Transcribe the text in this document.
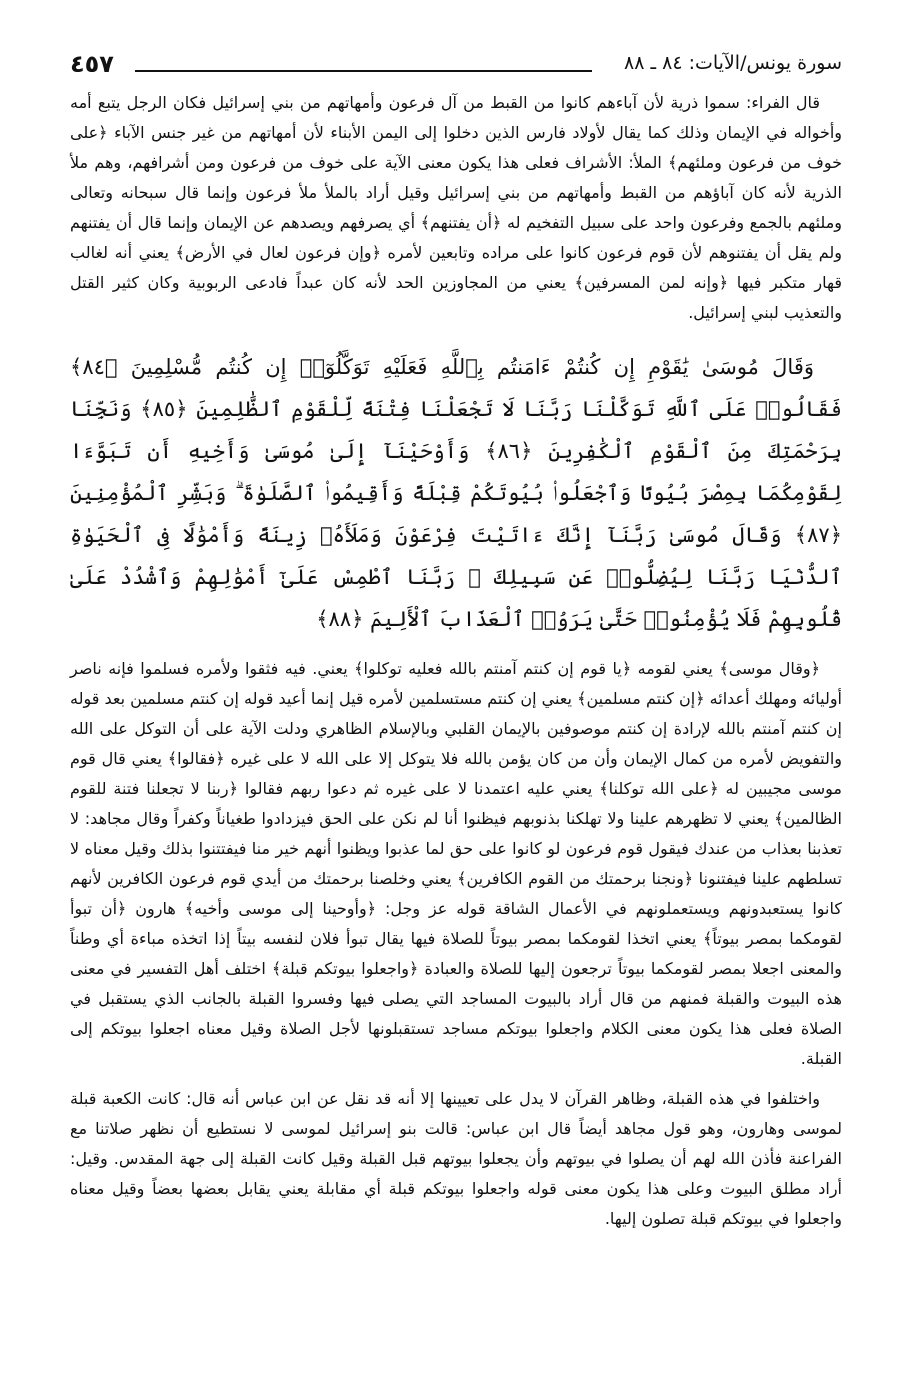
٤٥٧	سورة يونس/الآيات: ٨٤ ـ ٨٨

قال الفراء: سموا ذرية لأن آباءهم كانوا من القبط من آل فرعون وأمهاتهم من بني إسرائيل فكان الرجل يتبع أمه وأخواله في الإيمان وذلك كما يقال لأولاد فارس الذين دخلوا إلى اليمن الأبناء لأن أمهاتهم من غير جنس الآباء ﴿على خوف من فرعون وملئهم﴾ الملأ: الأشراف فعلى هذا يكون معنى الآية على خوف من فرعون ومن أشرافهم، وهم ملأ الذرية لأنه كان آباؤهم من القبط وأمهاتهم من بني إسرائيل وقيل أراد بالملأ ملأ فرعون وإنما قال سبحانه وتعالى وملئهم بالجمع وفرعون واحد على سبيل التفخيم له ﴿أن يفتنهم﴾ أي يصرفهم ويصدهم عن الإيمان وإنما قال أن يفتنهم ولم يقل أن يفتنوهم لأن قوم فرعون كانوا على مراده وتابعين لأمره ﴿وإن فرعون لعال في الأرض﴾ يعني أنه لغالب قهار متكبر فيها ﴿وإنه لمن المسرفين﴾ يعني من المجاوزين الحد لأنه كان عبداً فادعى الربوبية وكان كثير القتل والتعذيب لبني إسرائيل.

وَقَالَ مُوسَىٰ يَٰقَوْمِ إِن كُنتُمْ ءَامَنتُم بِٱللَّهِ فَعَلَيْهِ تَوَكَّلُوٓا۟ إِن كُنتُم مُّسْلِمِينَ ﴿٨٤﴾ فَقَالُوا۟ عَلَى ٱللَّهِ تَوَكَّلْنَا رَبَّنَا لَا تَجْعَلْنَا فِتْنَةً لِّلْقَوْمِ ٱلظَّٰلِمِينَ ﴿٨٥﴾ وَنَجِّنَا بِرَحْمَتِكَ مِنَ ٱلْقَوْمِ ٱلْكَٰفِرِينَ ﴿٨٦﴾ وَأَوْحَيْنَآ إِلَىٰ مُوسَىٰ وَأَخِيهِ أَن تَبَوَّءَا لِقَوْمِكُمَا بِمِصْرَ بُيُوتًا وَٱجْعَلُوا۟ بُيُوتَكُمْ قِبْلَةً وَأَقِيمُوا۟ ٱلصَّلَوٰةَ ۗ وَبَشِّرِ ٱلْمُؤْمِنِينَ ﴿٨٧﴾ وَقَالَ مُوسَىٰ رَبَّنَآ إِنَّكَ ءَاتَيْتَ فِرْعَوْنَ وَمَلَأَهُۥ زِينَةً وَأَمْوَٰلًا فِى ٱلْحَيَوٰةِ ٱلدُّنْيَا رَبَّنَا لِيُضِلُّوا۟ عَن سَبِيلِكَ ۖ رَبَّنَا ٱطْمِسْ عَلَىٰٓ أَمْوَٰلِهِمْ وَٱشْدُدْ عَلَىٰ قُلُوبِهِمْ فَلَا يُؤْمِنُوا۟ حَتَّىٰ يَرَوُا۟ ٱلْعَذَابَ ٱلْأَلِيمَ ﴿٨٨﴾

﴿وقال موسى﴾ يعني لقومه ﴿يا قوم إن كنتم آمنتم بالله فعليه توكلوا﴾ يعني. فيه فثقوا ولأمره فسلموا فإنه ناصر أوليائه ومهلك أعدائه ﴿إن كنتم مسلمين﴾ يعني إن كنتم مستسلمين لأمره قيل إنما أعيد قوله إن كنتم مسلمين بعد قوله إن كنتم آمنتم بالله لإرادة إن كنتم موصوفين بالإيمان القلبي وبالإسلام الظاهري ودلت الآية على أن التوكل على الله والتفويض لأمره من كمال الإيمان وأن من كان يؤمن بالله فلا يتوكل إلا على الله لا على غيره ﴿فقالوا﴾ يعني قال قوم موسى مجيبين له ﴿على الله توكلنا﴾ يعني عليه اعتمدنا لا على غيره ثم دعوا ربهم فقالوا ﴿ربنا لا تجعلنا فتنة للقوم الظالمين﴾ يعني لا تظهرهم علينا ولا تهلكنا بذنوبهم فيظنوا أنا لم نكن على الحق فيزدادوا طغياناً وكفراً وقال مجاهد: لا تعذبنا بعذاب من عندك فيقول قوم فرعون لو كانوا على حق لما عذبوا ويظنوا أنهم خير منا فيفتتنوا بذلك وقيل معناه لا تسلطهم علينا فيفتنونا ﴿ونجنا برحمتك من القوم الكافرين﴾ يعني وخلصنا برحمتك من أيدي قوم فرعون الكافرين لأنهم كانوا يستعبدونهم ويستعملونهم في الأعمال الشاقة قوله عز وجل: ﴿وأوحينا إلى موسى وأخيه﴾ هارون ﴿أن تبوأ لقومكما بمصر بيوتاً﴾ يعني اتخذا لقومكما بمصر بيوتاً للصلاة فيها يقال تبوأ فلان لنفسه بيتاً إذا اتخذه مباءة أي وطناً والمعنى اجعلا بمصر لقومكما بيوتاً ترجعون إليها للصلاة والعبادة ﴿واجعلوا بيوتكم قبلة﴾ اختلف أهل التفسير في معنى هذه البيوت والقبلة فمنهم من قال أراد بالبيوت المساجد التي يصلى فيها وفسروا القبلة بالجانب الذي يستقبل في الصلاة فعلى هذا يكون معنى الكلام واجعلوا بيوتكم مساجد تستقبلونها لأجل الصلاة وقيل معناه اجعلوا بيوتكم إلى القبلة.

واختلفوا في هذه القبلة، وظاهر القرآن لا يدل على تعيينها إلا أنه قد نقل عن ابن عباس أنه قال: كانت الكعبة قبلة لموسى وهارون، وهو قول مجاهد أيضاً قال ابن عباس: قالت بنو إسرائيل لموسى لا نستطيع أن نظهر صلاتنا مع الفراعنة فأذن الله لهم أن يصلوا في بيوتهم وأن يجعلوا بيوتهم قبل القبلة وقيل كانت القبلة إلى جهة المقدس. وقيل: أراد مطلق البيوت وعلى هذا يكون معنى قوله واجعلوا بيوتكم قبلة أي مقابلة يعني يقابل بعضها بعضاً وقيل معناه واجعلوا في بيوتكم قبلة تصلون إليها.
